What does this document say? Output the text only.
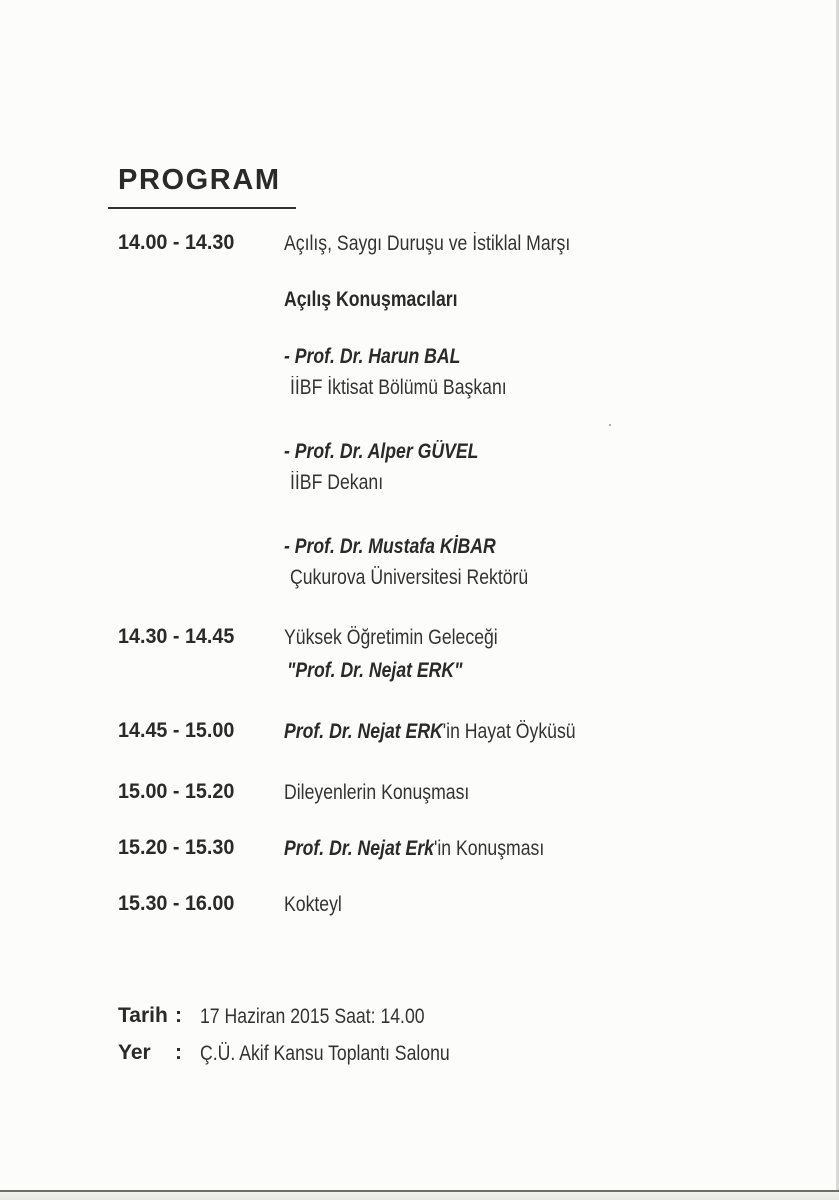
PROGRAM
14.00 - 14.30 Açılış, Saygı Duruşu ve İstiklal Marşı
Açılış Konuşmacıları
- Prof. Dr. Harun BAL
İİBF İktisat Bölümü Başkanı
- Prof. Dr. Alper GÜVEL
İİBF Dekanı
- Prof. Dr. Mustafa KİBAR
Çukurova Üniversitesi Rektörü
14.30 - 14.45 Yüksek Öğretimin Geleceği
"Prof. Dr. Nejat ERK"
14.45 - 15.00 Prof. Dr. Nejat ERK'in Hayat Öyküsü
15.00 - 15.20 Dileyenlerin Konuşması
15.20 - 15.30 Prof. Dr. Nejat Erk'in Konuşması
15.30 - 16.00 Kokteyl
Tarih : 17 Haziran 2015 Saat: 14.00
Yer : Ç.Ü. Akif Kansu Toplantı Salonu
